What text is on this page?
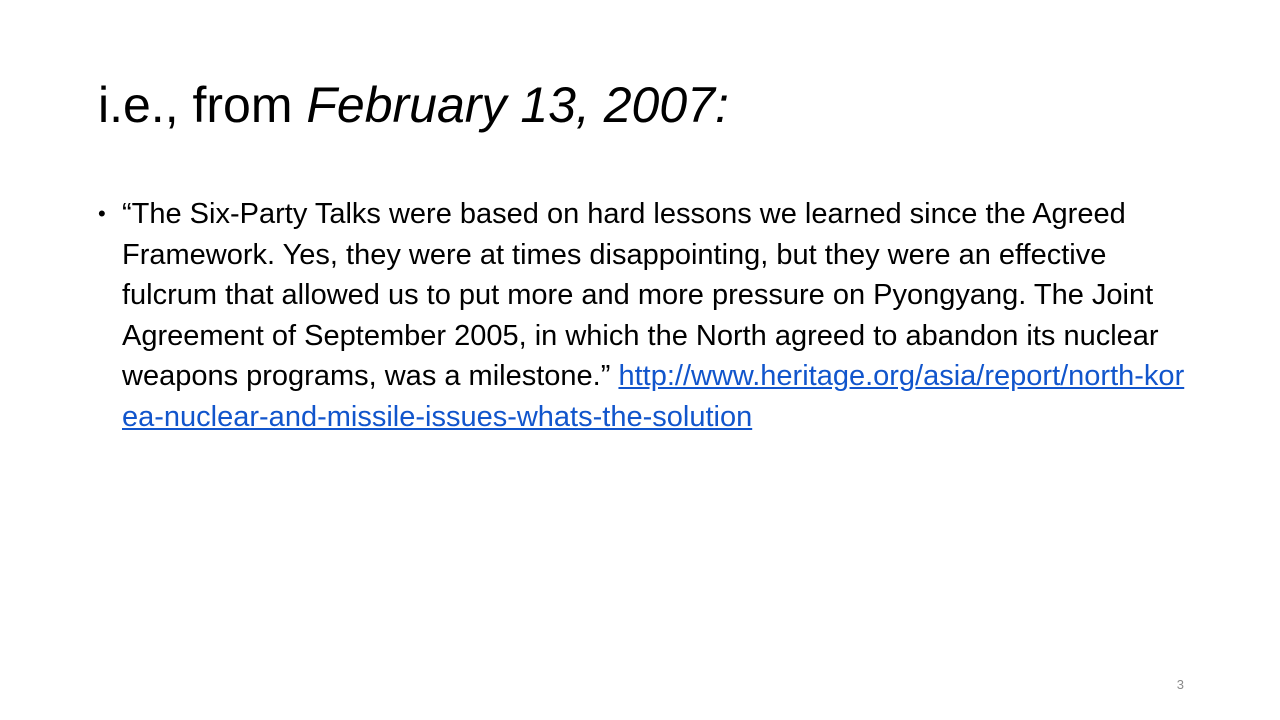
i.e., from February 13, 2007:
• “The Six-Party Talks were based on hard lessons we learned since the Agreed Framework. Yes, they were at times disappointing, but they were an effective fulcrum that allowed us to put more and more pressure on Pyongyang. The Joint Agreement of September 2005, in which the North agreed to abandon its nuclear weapons programs, was a milestone.” http://www.heritage.org/asia/report/north-korea-nuclear-and-missile-issues-whats-the-solution
3
